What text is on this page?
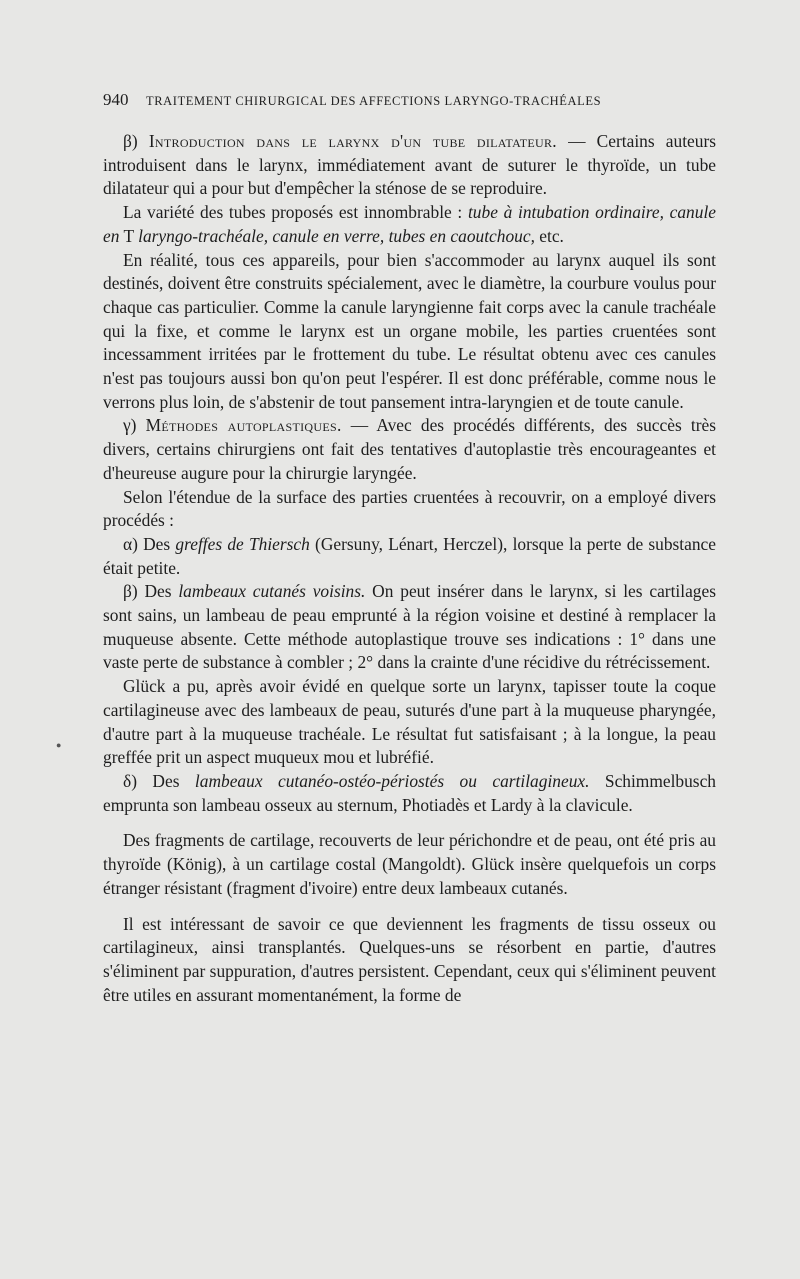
940 TRAITEMENT CHIRURGICAL DES AFFECTIONS LARYNGO-TRACHÉALES

β) Introduction dans le larynx d'un tube dilatateur. — Certains auteurs introduisent dans le larynx, immédiatement avant de suturer le thyroïde, un tube dilatateur qui a pour but d'empêcher la sténose de se reproduire.

La variété des tubes proposés est innombrable : tube à intubation ordinaire, canule en T laryngo-trachéale, canule en verre, tubes en caoutchouc, etc.

En réalité, tous ces appareils, pour bien s'accommoder au larynx auquel ils sont destinés, doivent être construits spécialement, avec le diamètre, la courbure voulus pour chaque cas particulier. Comme la canule laryngienne fait corps avec la canule trachéale qui la fixe, et comme le larynx est un organe mobile, les parties cruentées sont incessamment irritées par le frottement du tube. Le résultat obtenu avec ces canules n'est pas toujours aussi bon qu'on peut l'espérer. Il est donc préférable, comme nous le verrons plus loin, de s'abstenir de tout pansement intra-laryngien et de toute canule.

γ) Méthodes autoplastiques. — Avec des procédés différents, des succès très divers, certains chirurgiens ont fait des tentatives d'autoplastie très encourageantes et d'heureuse augure pour la chirurgie laryngée.

Selon l'étendue de la surface des parties cruentées à recouvrir, on a employé divers procédés :

α) Des greffes de Thiersch (Gersuny, Lénart, Herczel), lorsque la perte de substance était petite.

β) Des lambeaux cutanés voisins. On peut insérer dans le larynx, si les cartilages sont sains, un lambeau de peau emprunté à la région voisine et destiné à remplacer la muqueuse absente. Cette méthode autoplastique trouve ses indications : 1° dans une vaste perte de substance à combler ; 2° dans la crainte d'une récidive du rétrécissement.

Glück a pu, après avoir évidé en quelque sorte un larynx, tapisser toute la coque cartilagineuse avec des lambeaux de peau, suturés d'une part à la muqueuse pharyngée, d'autre part à la muqueuse trachéale. Le résultat fut satisfaisant ; à la longue, la peau greffée prit un aspect muqueux mou et lubréfié.

δ) Des lambeaux cutanéo-ostéo-périostés ou cartilagineux. Schimmelbusch emprunta son lambeau osseux au sternum, Photiadès et Lardy à la clavicule.

Des fragments de cartilage, recouverts de leur périchondre et de peau, ont été pris au thyroïde (König), à un cartilage costal (Mangoldt). Glück insère quelquefois un corps étranger résistant (fragment d'ivoire) entre deux lambeaux cutanés.

Il est intéressant de savoir ce que deviennent les fragments de tissu osseux ou cartilagineux, ainsi transplantés. Quelques-uns se résorbent en partie, d'autres s'éliminent par suppuration, d'autres persistent. Cependant, ceux qui s'éliminent peuvent être utiles en assurant momentanément, la forme de

●
